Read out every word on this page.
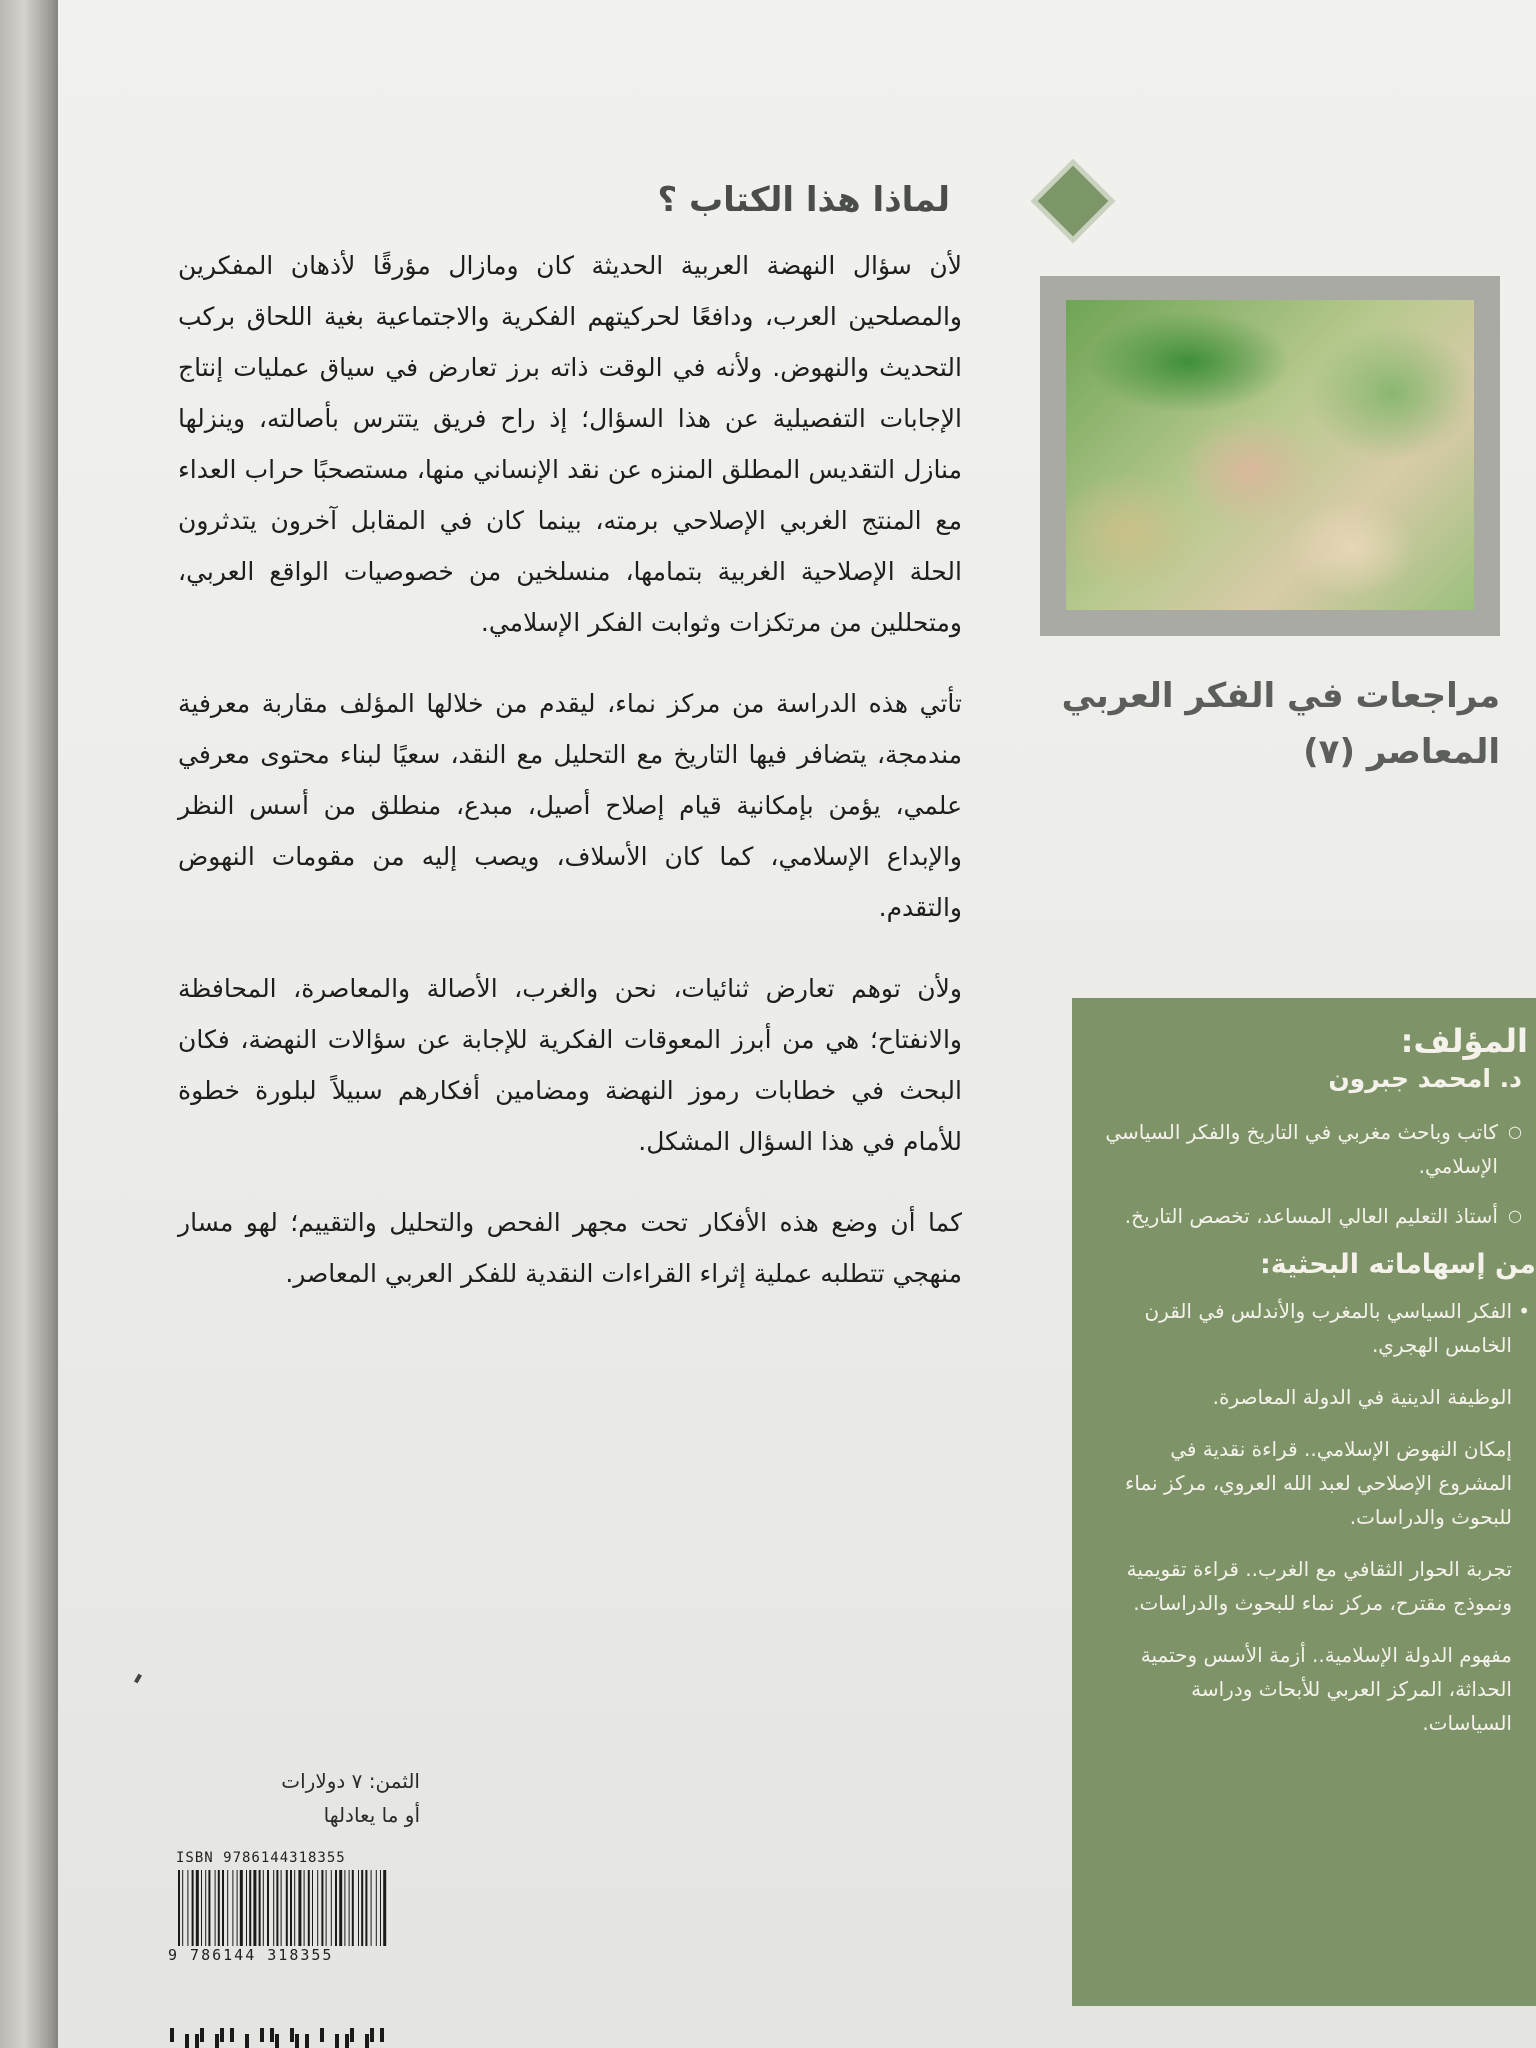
لماذا هذا الكتاب ؟

لأن سؤال النهضة العربية الحديثة كان ومازال مؤرقًا لأذهان المفكرين والمصلحين العرب، ودافعًا لحركيتهم الفكرية والاجتماعية بغية اللحاق بركب التحديث والنهوض. ولأنه في الوقت ذاته برز تعارض في سياق عمليات إنتاج الإجابات التفصيلية عن هذا السؤال؛ إذ راح فريق يتترس بأصالته، وينزلها منازل التقديس المطلق المنزه عن نقد الإنساني منها، مستصحبًا حراب العداء مع المنتج الغربي الإصلاحي برمته، بينما كان في المقابل آخرون يتدثرون الحلة الإصلاحية الغربية بتمامها، منسلخين من خصوصيات الواقع العربي، ومتحللين من مرتكزات وثوابت الفكر الإسلامي.

تأتي هذه الدراسة من مركز نماء، ليقدم من خلالها المؤلف مقاربة معرفية مندمجة، يتضافر فيها التاريخ مع التحليل مع النقد، سعيًا لبناء محتوى معرفي علمي، يؤمن بإمكانية قيام إصلاح أصيل، مبدع، منطلق من أسس النظر والإبداع الإسلامي، كما كان الأسلاف، ويصب إليه من مقومات النهوض والتقدم.

ولأن توهم تعارض ثنائيات، نحن والغرب، الأصالة والمعاصرة، المحافظة والانفتاح؛ هي من أبرز المعوقات الفكرية للإجابة عن سؤالات النهضة، فكان البحث في خطابات رموز النهضة ومضامين أفكارهم سبيلاً لبلورة خطوة للأمام في هذا السؤال المشكل.

كما أن وضع هذه الأفكار تحت مجهر الفحص والتحليل والتقييم؛ لهو مسار منهجي تتطلبه عملية إثراء القراءات النقدية للفكر العربي المعاصر.

مراجعات في الفكر العربي
المعاصر (٧)
المؤلف:
د. امحمد جبرون
○ كاتب وباحث مغربي في التاريخ والفكر السياسي الإسلامي.
○ أستاذ التعليم العالي المساعد، تخصص التاريخ.
من إسهاماته البحثية:
• الفكر السياسي بالمغرب والأندلس في القرن الخامس الهجري.
الوظيفة الدينية في الدولة المعاصرة.
إمكان النهوض الإسلامي.. قراءة نقدية في المشروع الإصلاحي لعبد الله العروي، مركز نماء للبحوث والدراسات.
تجربة الحوار الثقافي مع الغرب.. قراءة تقويمية ونموذج مقترح، مركز نماء للبحوث والدراسات.
مفهوم الدولة الإسلامية.. أزمة الأسس وحتمية الحداثة، المركز العربي للأبحاث ودراسة السياسات.
الثمن: ٧ دولارات
أو ما يعادلها
ISBN 9786144318355
9 786144 318355
